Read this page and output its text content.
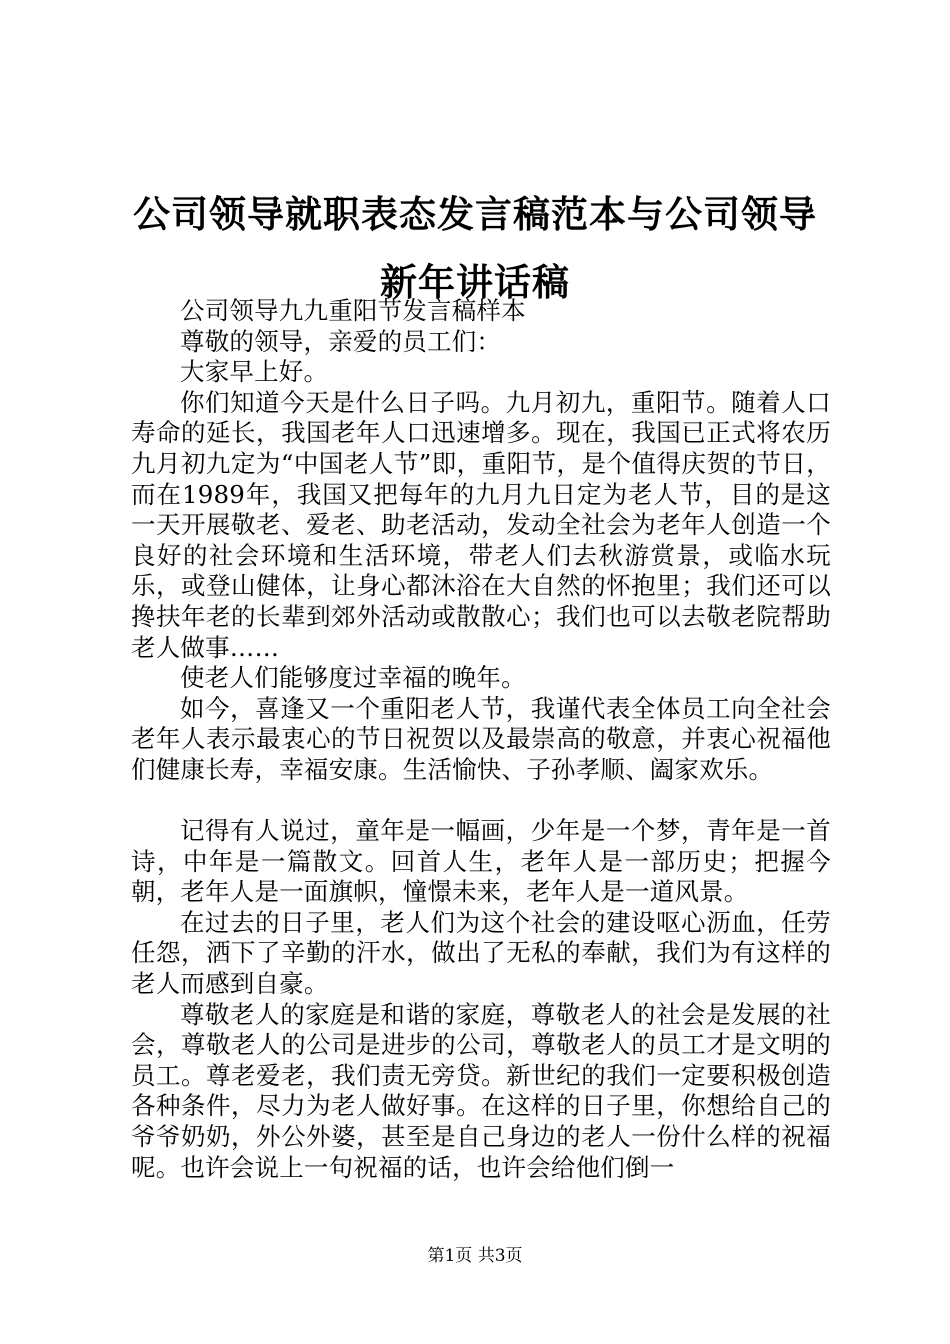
公司领导就职表态发言稿范本与公司领导新年讲话稿

公司领导九九重阳节发言稿样本

尊敬的领导，亲爱的员工们：

大家早上好。

你们知道今天是什么日子吗。九月初九，重阳节。随着人口寿命的延长，我国老年人口迅速增多。现在，我国已正式将农历九月初九定为“中国老人节”即，重阳节，是个值得庆贺的节日，而在1989年，我国又把每年的九月九日定为老人节，目的是这一天开展敬老、爱老、助老活动，发动全社会为老年人创造一个良好的社会环境和生活环境，带老人们去秋游赏景，或临水玩乐，或登山健体，让身心都沐浴在大自然的怀抱里；我们还可以搀扶年老的长辈到郊外活动或散散心；我们也可以去敬老院帮助老人做事……

使老人们能够度过幸福的晚年。

如今，喜逢又一个重阳老人节，我谨代表全体员工向全社会老年人表示最衷心的节日祝贺以及最崇高的敬意，并衷心祝福他们健康长寿，幸福安康。生活愉快、子孙孝顺、阖家欢乐。

记得有人说过，童年是一幅画，少年是一个梦，青年是一首诗，中年是一篇散文。回首人生，老年人是一部历史；把握今朝，老年人是一面旗帜，憧憬未来，老年人是一道风景。

在过去的日子里，老人们为这个社会的建设呕心沥血，任劳任怨，洒下了辛勤的汗水，做出了无私的奉献，我们为有这样的老人而感到自豪。

尊敬老人的家庭是和谐的家庭，尊敬老人的社会是发展的社会，尊敬老人的公司是进步的公司，尊敬老人的员工才是文明的员工。尊老爱老，我们责无旁贷。新世纪的我们一定要积极创造各种条件，尽力为老人做好事。在这样的日子里，你想给自己的爷爷奶奶，外公外婆，甚至是自己身边的老人一份什么样的祝福呢。也许会说上一句祝福的话，也许会给他们倒一

第1页 共3页
